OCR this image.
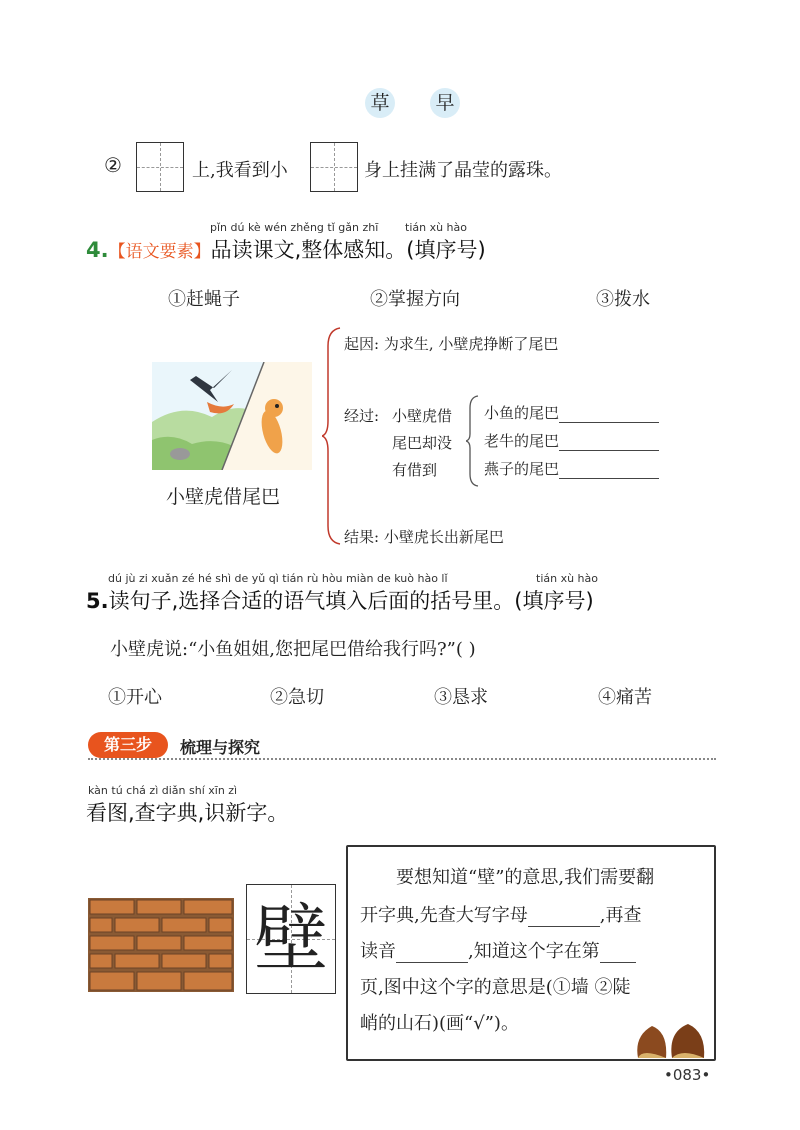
草 早
②	上,我看到小	身上挂满了晶莹的露珠。
pǐn dú kè wén zhěng tǐ gǎn zhī tián xù hào
4.【语文要素】品读课文,整体感知。(填序号)
①赶蝇子	②掌握方向	③拨水
小壁虎借尾巴
起因: 为求生, 小壁虎挣断了尾巴
经过: 小壁虎借
尾巴却没
有借到
小鱼的尾巴
老牛的尾巴
燕子的尾巴
结果: 小壁虎长出新尾巴
dú jù zi xuǎn zé hé shì de yǔ qì tián rù hòu miàn de kuò hào lǐ	tián xù hào
5.读句子,选择合适的语气填入后面的括号里。(填序号)
小壁虎说:“小鱼姐姐,您把尾巴借给我行吗?”( )
①开心	②急切	③恳求	④痛苦
第三步	梳理与探究
kàn tú chá zì diǎn shí xīn zì
看图,查字典,识新字。
壁
要想知道“壁”的意思,我们需要翻
开字典,先查大写字母	,再查
读音	,知道这个字在第
页,图中这个字的意思是(①墙 ②陡
峭的山石)(画“√”)。
•083•
